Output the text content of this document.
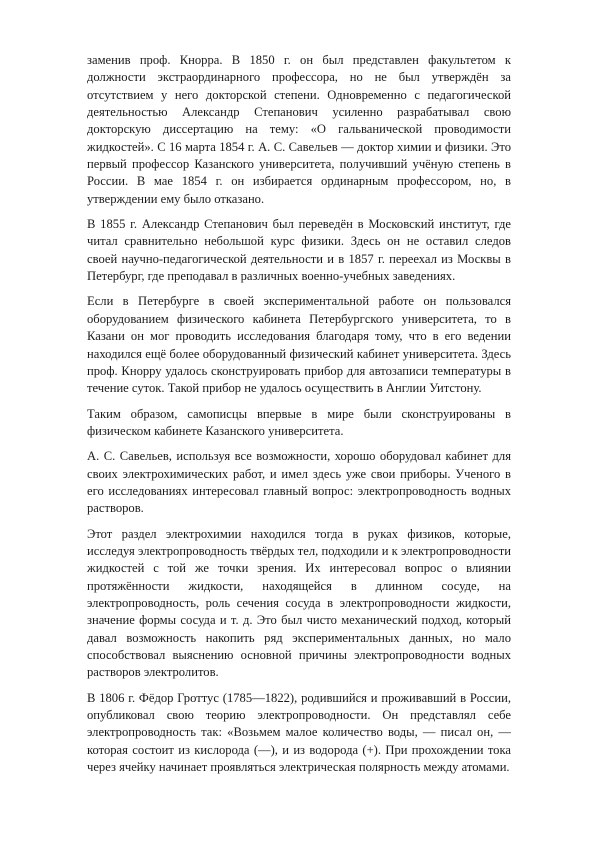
заменив проф. Кнорра. В 1850 г. он был представлен факультетом к должности экстраординарного профессора, но не был утверждён за отсутствием у него докторской степени. Одновременно с педагогической деятельностью Александр Степанович усиленно разрабатывал свою докторскую диссертацию на тему: «О гальванической проводимости жидкостей». С 16 марта 1854 г. А. С. Савельев — доктор химии и физики. Это первый профессор Казанского университета, получивший учёную степень в России. В мае 1854 г. он избирается ординарным профессором, но, в утверждении ему было отказано.

В 1855 г. Александр Степанович был переведён в Московский институт, где читал сравнительно небольшой курс физики. Здесь он не оставил следов своей научно-педагогической деятельности и в 1857 г. переехал из Москвы в Петербург, где преподавал в различных военно-учебных заведениях.

Если в Петербурге в своей экспериментальной работе он пользовался оборудованием физического кабинета Петербургского университета, то в Казани он мог проводить исследования благодаря тому, что в его ведении находился ещё более оборудованный физический кабинет университета. Здесь проф. Кнорру удалось сконструировать прибор для автозаписи температуры в течение суток. Такой прибор не удалось осуществить в Англии Уитстону.

Таким образом, самописцы впервые в мире были сконструированы в физическом кабинете Казанского университета.

А. С. Савельев, используя все возможности, хорошо оборудовал кабинет для своих электрохимических работ, и имел здесь уже свои приборы. Ученого в его исследованиях интересовал главный вопрос: электропроводность водных растворов.

Этот раздел электрохимии находился тогда в руках физиков, которые, исследуя электропроводность твёрдых тел, подходили и к электропроводности жидкостей с той же точки зрения. Их интересовал вопрос о влиянии протяжённости жидкости, находящейся в длинном сосуде, на электропроводность, роль сечения сосуда в электропроводности жидкости, значение формы сосуда и т. д. Это был чисто механический подход, который давал возможность накопить ряд экспериментальных данных, но мало способствовал выяснению основной причины электропроводности водных растворов электролитов.

В 1806 г. Фёдор Гроттус (1785—1822), родившийся и проживавший в России, опубликовал свою теорию электропроводности. Он представлял себе электропроводность так: «Возьмем малое количество воды, — писал он, — которая состоит из кислорода (—), и из водорода (+). При прохождении тока через ячейку начинает проявляться электрическая полярность между атомами.
